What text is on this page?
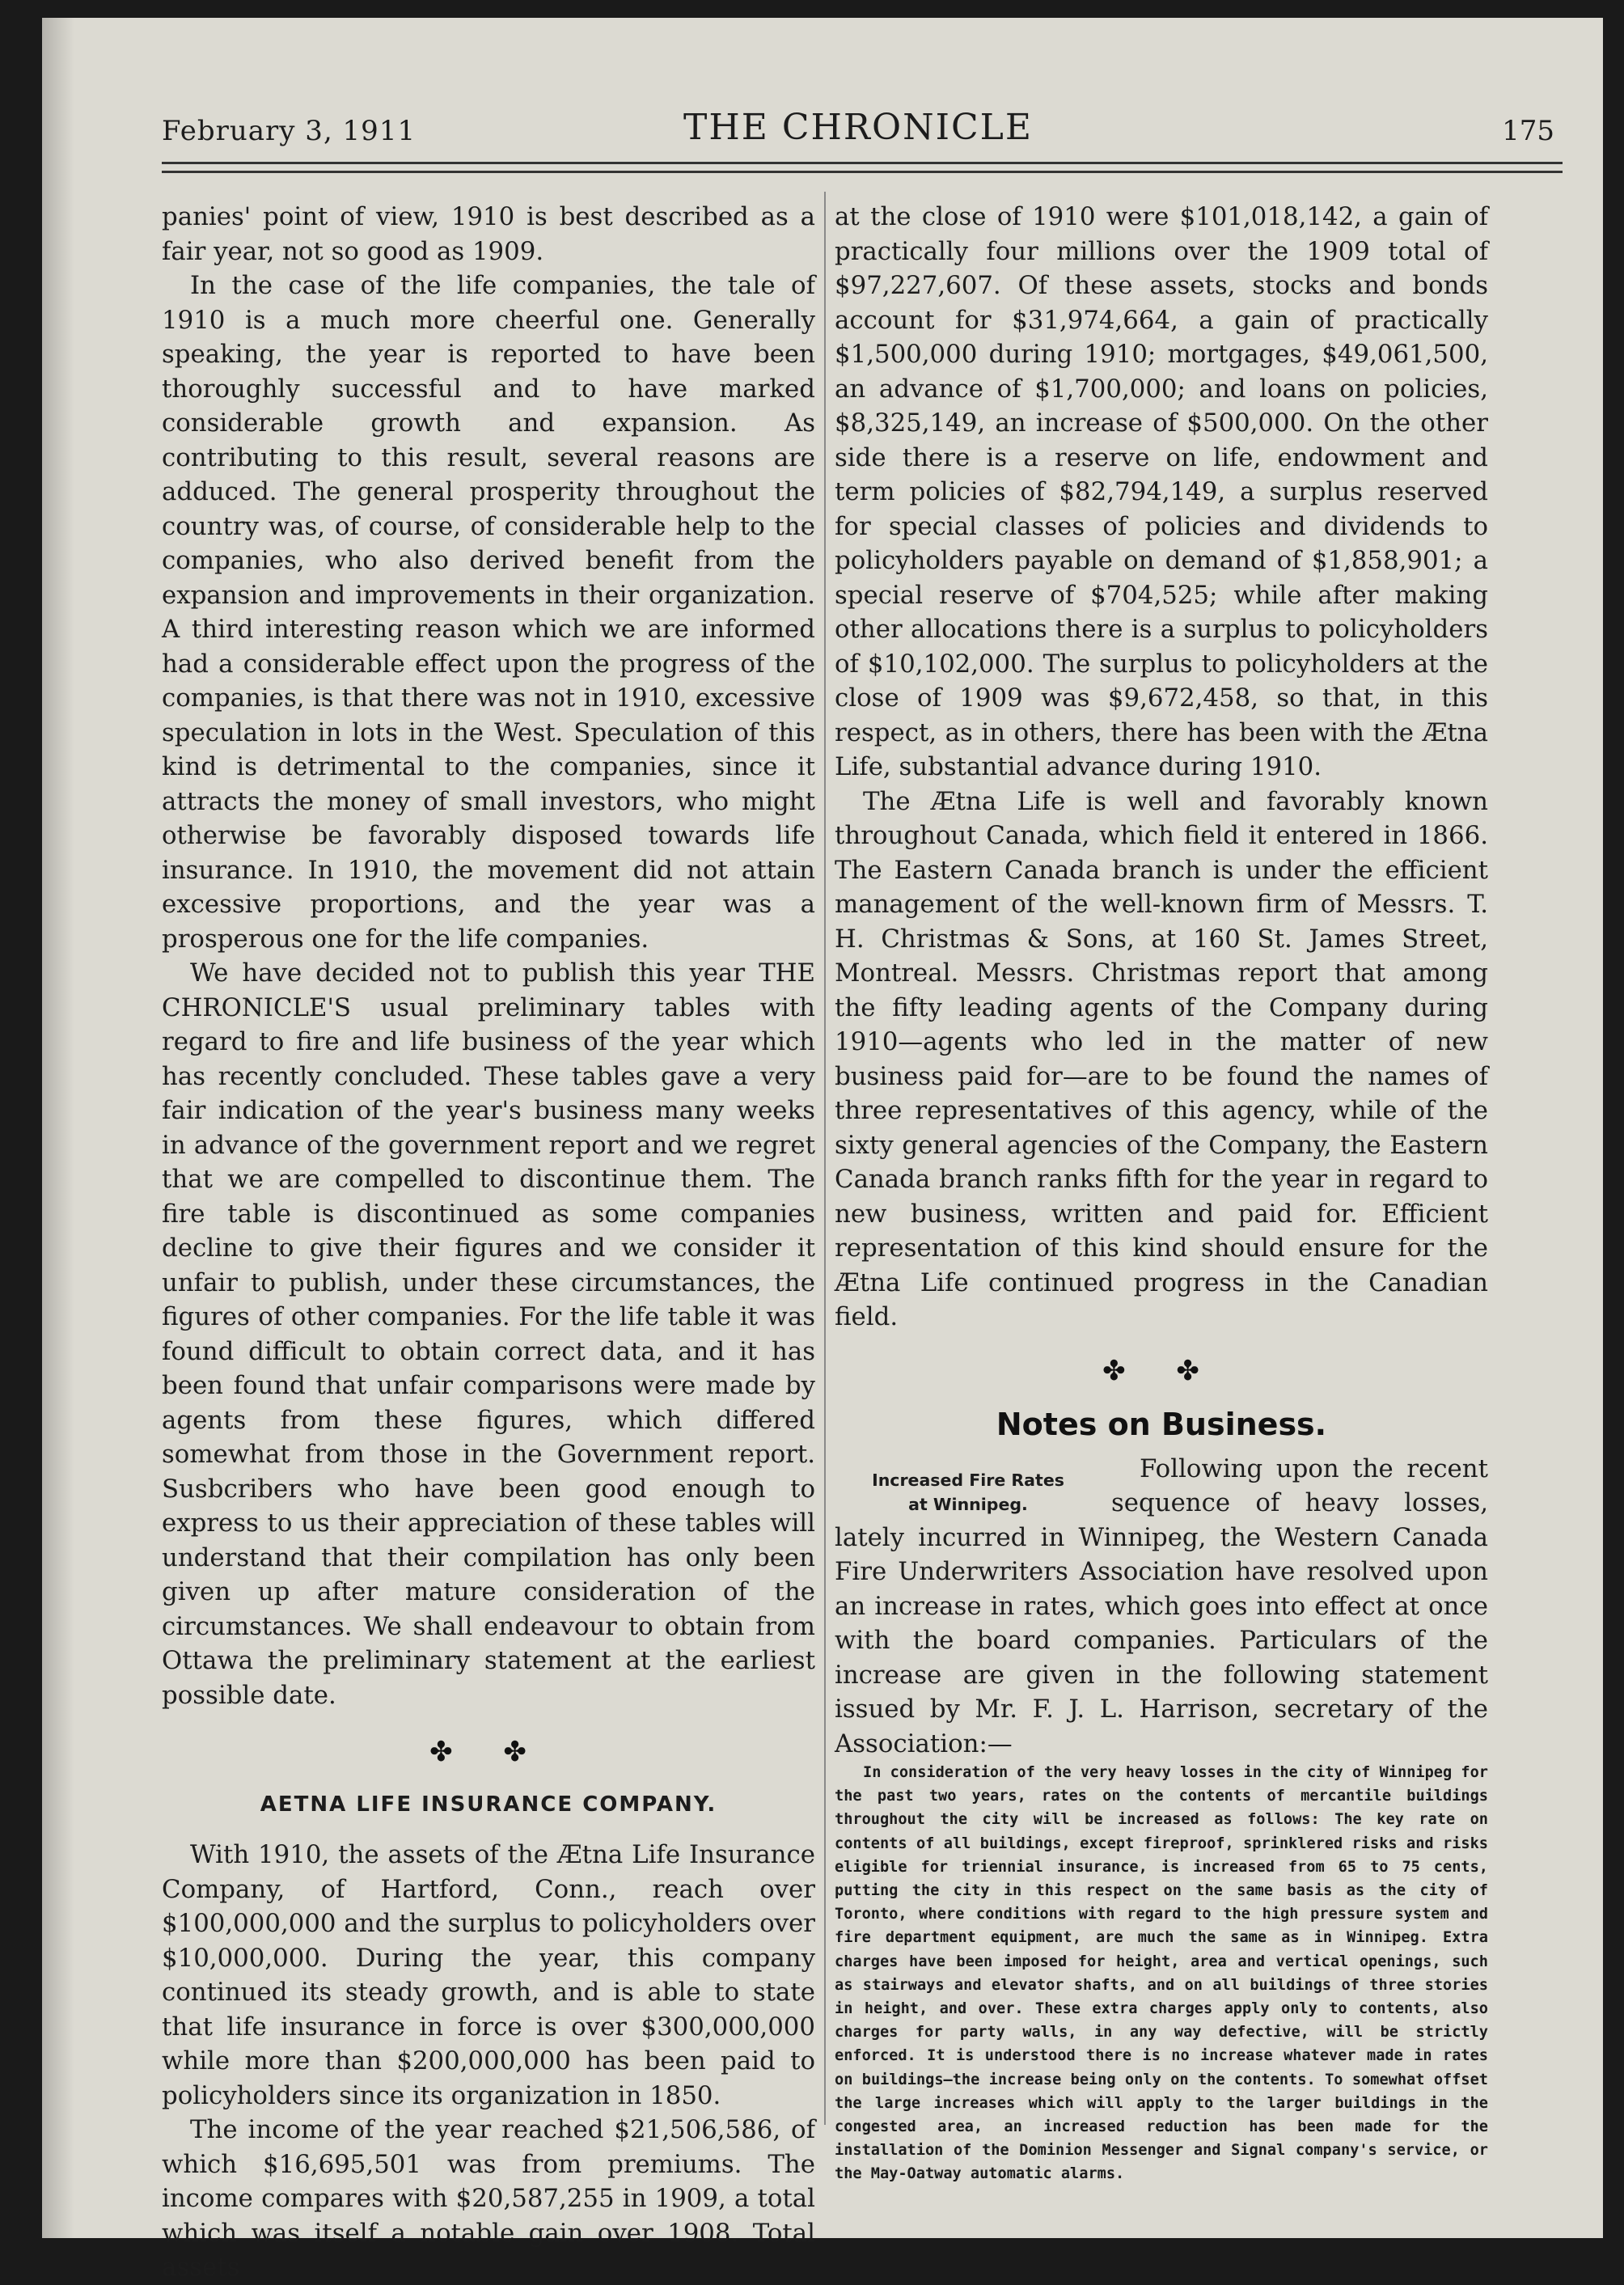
February 3, 1911	THE CHRONICLE	175

panies' point of view, 1910 is best described as a fair year, not so good as 1909.

In the case of the life companies, the tale of 1910 is a much more cheerful one. Generally speaking, the year is reported to have been thoroughly successful and to have marked considerable growth and expansion. As contributing to this result, several reasons are adduced. The general prosperity throughout the country was, of course, of considerable help to the companies, who also derived benefit from the expansion and improvements in their organization. A third interesting reason which we are informed had a considerable effect upon the progress of the companies, is that there was not in 1910, excessive speculation in lots in the West. Speculation of this kind is detrimental to the companies, since it attracts the money of small investors, who might otherwise be favorably disposed towards life insurance. In 1910, the movement did not attain excessive proportions, and the year was a prosperous one for the life companies.

We have decided not to publish this year THE CHRONICLE'S usual preliminary tables with regard to fire and life business of the year which has recently concluded. These tables gave a very fair indication of the year's business many weeks in advance of the government report and we regret that we are compelled to discontinue them. The fire table is discontinued as some companies decline to give their figures and we consider it unfair to publish, under these circumstances, the figures of other companies. For the life table it was found difficult to obtain correct data, and it has been found that unfair comparisons were made by agents from these figures, which differed somewhat from those in the Government report. Susbcribers who have been good enough to express to us their appreciation of these tables will understand that their compilation has only been given up after mature consideration of the circumstances. We shall endeavour to obtain from Ottawa the preliminary statement at the earliest possible date.

✤ ✤
AETNA LIFE INSURANCE COMPANY.

With 1910, the assets of the Ætna Life Insurance Company, of Hartford, Conn., reach over $100,000,000 and the surplus to policyholders over $10,000,000. During the year, this company continued its steady growth, and is able to state that life insurance in force is over $300,000,000 while more than $200,000,000 has been paid to policyholders since its organization in 1850.

The income of the year reached $21,506,586, of which $16,695,501 was from premiums. The income compares with $20,587,255 in 1909, a total which was itself a notable gain over 1908. Total assets

at the close of 1910 were $101,018,142, a gain of practically four millions over the 1909 total of $97,227,607. Of these assets, stocks and bonds account for $31,974,664, a gain of practically $1,500,000 during 1910; mortgages, $49,061,500, an advance of $1,700,000; and loans on policies, $8,325,149, an increase of $500,000. On the other side there is a reserve on life, endowment and term policies of $82,794,149, a surplus reserved for special classes of policies and dividends to policyholders payable on demand of $1,858,901; a special reserve of $704,525; while after making other allocations there is a surplus to policyholders of $10,102,000. The surplus to policyholders at the close of 1909 was $9,672,458, so that, in this respect, as in others, there has been with the Ætna Life, substantial advance during 1910.

The Ætna Life is well and favorably known throughout Canada, which field it entered in 1866. The Eastern Canada branch is under the efficient management of the well-known firm of Messrs. T. H. Christmas & Sons, at 160 St. James Street, Montreal. Messrs. Christmas report that among the fifty leading agents of the Company during 1910—agents who led in the matter of new business paid for—are to be found the names of three representatives of this agency, while of the sixty general agencies of the Company, the Eastern Canada branch ranks fifth for the year in regard to new business, written and paid for. Efficient representation of this kind should ensure for the Ætna Life continued progress in the Canadian field.

✤ ✤
Notes on Business.
Increased Fire Rates
at Winnipeg.

Following upon the recent sequence of heavy losses, lately incurred in Winnipeg, the Western Canada Fire Underwriters Association have resolved upon an increase in rates, which goes into effect at once with the board companies. Particulars of the increase are given in the following statement issued by Mr. F. J. L. Harrison, secretary of the Association:—

In consideration of the very heavy losses in the city of Winnipeg for the past two years, rates on the contents of mercantile buildings throughout the city will be increased as follows: The key rate on contents of all buildings, except fireproof, sprinklered risks and risks eligible for triennial insurance, is increased from 65 to 75 cents, putting the city in this respect on the same basis as the city of Toronto, where conditions with regard to the high pressure system and fire department equipment, are much the same as in Winnipeg. Extra charges have been imposed for height, area and vertical openings, such as stairways and elevator shafts, and on all buildings of three stories in height, and over. These extra charges apply only to contents, also charges for party walls, in any way defective, will be strictly enforced. It is understood there is no increase whatever made in rates on buildings—the increase being only on the contents. To somewhat offset the large increases which will apply to the larger buildings in the congested area, an increased reduction has been made for the installation of the Dominion Messenger and Signal company's service, or the May-Oatway automatic alarms.
